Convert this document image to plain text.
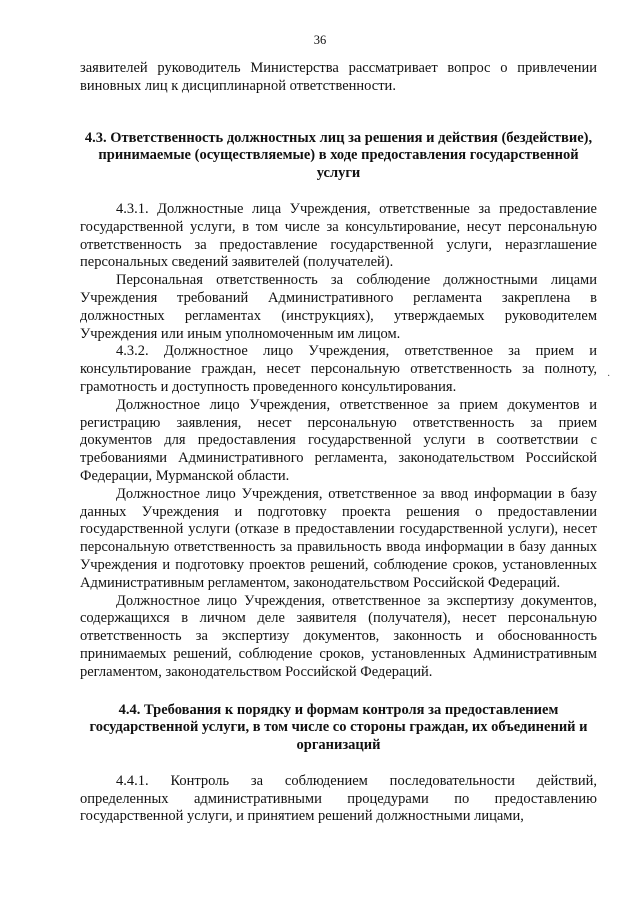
36

заявителей руководитель Министерства рассматривает вопрос о привлечении виновных лиц к дисциплинарной ответственности.

4.3. Ответственность должностных лиц за решения и действия (бездействие), принимаемые (осуществляемые) в ходе предоставления государственной услуги

4.3.1. Должностные лица Учреждения, ответственные за предоставление государственной услуги, в том числе за консультирование, несут персональную ответственность за предоставление государственной услуги, неразглашение персональных сведений заявителей (получателей).

Персональная ответственность за соблюдение должностными лицами Учреждения требований Административного регламента закреплена в должностных регламентах (инструкциях), утверждаемых руководителем Учреждения или иным уполномоченным им лицом.

4.3.2. Должностное лицо Учреждения, ответственное за прием и консультирование граждан, несет персональную ответственность за полноту, грамотность и доступность проведенного консультирования.

Должностное лицо Учреждения, ответственное за прием документов и регистрацию заявления, несет персональную ответственность за прием документов для предоставления государственной услуги в соответствии с требованиями Административного регламента, законодательством Российской Федерации, Мурманской области.

Должностное лицо Учреждения, ответственное за ввод информации в базу данных Учреждения и подготовку проекта решения о предоставлении государственной услуги (отказе в предоставлении государственной услуги), несет персональную ответственность за правильность ввода информации в базу данных Учреждения и подготовку проектов решений, соблюдение сроков, установленных Административным регламентом, законодательством Российской Федераций.

Должностное лицо Учреждения, ответственное за экспертизу документов, содержащихся в личном деле заявителя (получателя), несет персональную ответственность за экспертизу документов, законность и обоснованность принимаемых решений, соблюдение сроков, установленных Административным регламентом, законодательством Российской Федераций.

4.4. Требования к порядку и формам контроля за предоставлением государственной услуги, в том числе со стороны граждан, их объединений и организаций

4.4.1. Контроль за соблюдением последовательности действий, определенных административными процедурами по предоставлению государственной услуги, и принятием решений должностными лицами,

·
